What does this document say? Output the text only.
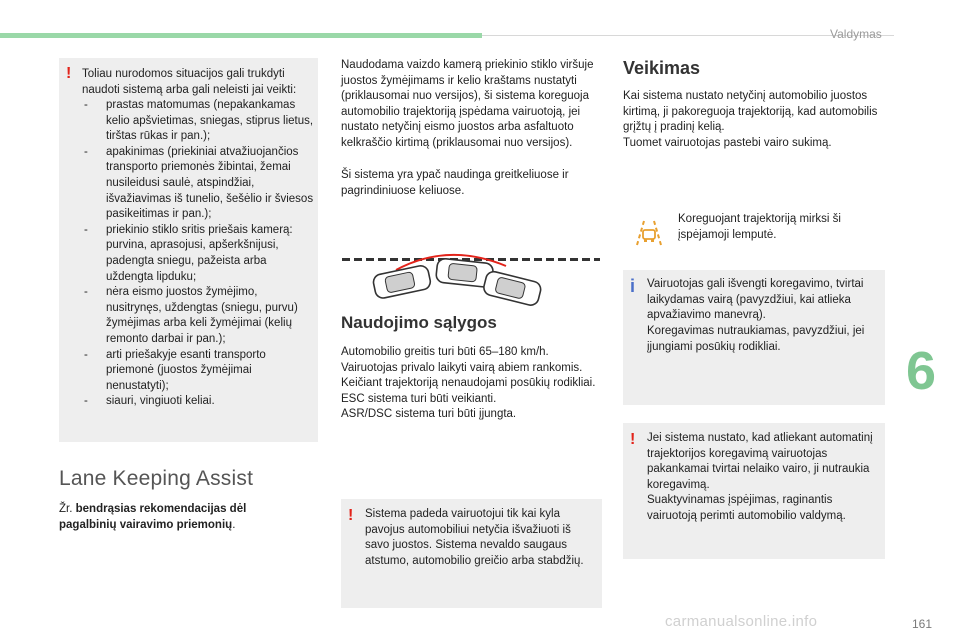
Valdymas
! Toliau nurodomos situacijos gali trukdyti naudoti sistemą arba gali neleisti jai veikti:
- prastas matomumas (nepakankamas kelio apšvietimas, sniegas, stiprus lietus, tirštas rūkas ir pan.);
- apakinimas (priekiniai atvažiuojančios transporto priemonės žibintai, žemai nusileidusi saulė, atspindžiai, išvažiavimas iš tunelio, šešėlio ir šviesos pasikeitimas ir pan.);
- priekinio stiklo sritis priešais kamerą: purvina, aprasojusi, apšerkšnijusi, padengta sniegu, pažeista arba uždengta lipduku;
- nėra eismo juostos žymėjimo, nusitrynęs, uždengtas (sniegu, purvu) žymėjimas arba keli žymėjimai (kelių remonto darbai ir pan.);
- arti priešakyje esanti transporto priemonė (juostos žymėjimai nenustatyti);
- siauri, vingiuoti keliai.
Lane Keeping Assist
Žr. bendrąsias rekomendacijas dėl pagalbinių vairavimo priemonių.
Naudodama vaizdo kamerą priekinio stiklo viršuje juostos žymėjimams ir kelio kraštams nustatyti (priklausomai nuo versijos), ši sistema koreguoja automobilio trajektoriją įspėdama vairuotoją, jei nustato netyčinį eismo juostos arba asfaltuoto kelkraščio kirtimą (priklausomai nuo versijos).
Ši sistema yra ypač naudinga greitkeliuose ir pagrindiniuose keliuose.
Naudojimo sąlygos
Automobilio greitis turi būti 65–180 km/h.
Vairuotojas privalo laikyti vairą abiem rankomis.
Keičiant trajektoriją nenaudojami posūkių rodikliai.
ESC sistema turi būti veikianti.
ASR/DSC sistema turi būti įjungta.
! Sistema padeda vairuotojui tik kai kyla pavojus automobiliui netyčia išvažiuoti iš savo juostos. Sistema nevaldo saugaus atstumo, automobilio greičio arba stabdžių.
Veikimas
Kai sistema nustato netyčinį automobilio juostos kirtimą, ji pakoreguoja trajektoriją, kad automobilis grįžtų į pradinį kelią.
Tuomet vairuotojas pastebi vairo sukimą.
Koreguojant trajektoriją mirksi ši įspėjamoji lemputė.
i Vairuotojas gali išvengti koregavimo, tvirtai laikydamas vairą (pavyzdžiui, kai atlieka apvažiavimo manevrą).
Koregavimas nutraukiamas, pavyzdžiui, jei įjungiami posūkių rodikliai.
! Jei sistema nustato, kad atliekant automatinį trajektorijos koregavimą vairuotojas pakankamai tvirtai nelaiko vairo, ji nutraukia koregavimą.
Suaktyvinamas įspėjimas, raginantis vairuotoją perimti automobilio valdymą.
6
carmanualsonline.info	161
